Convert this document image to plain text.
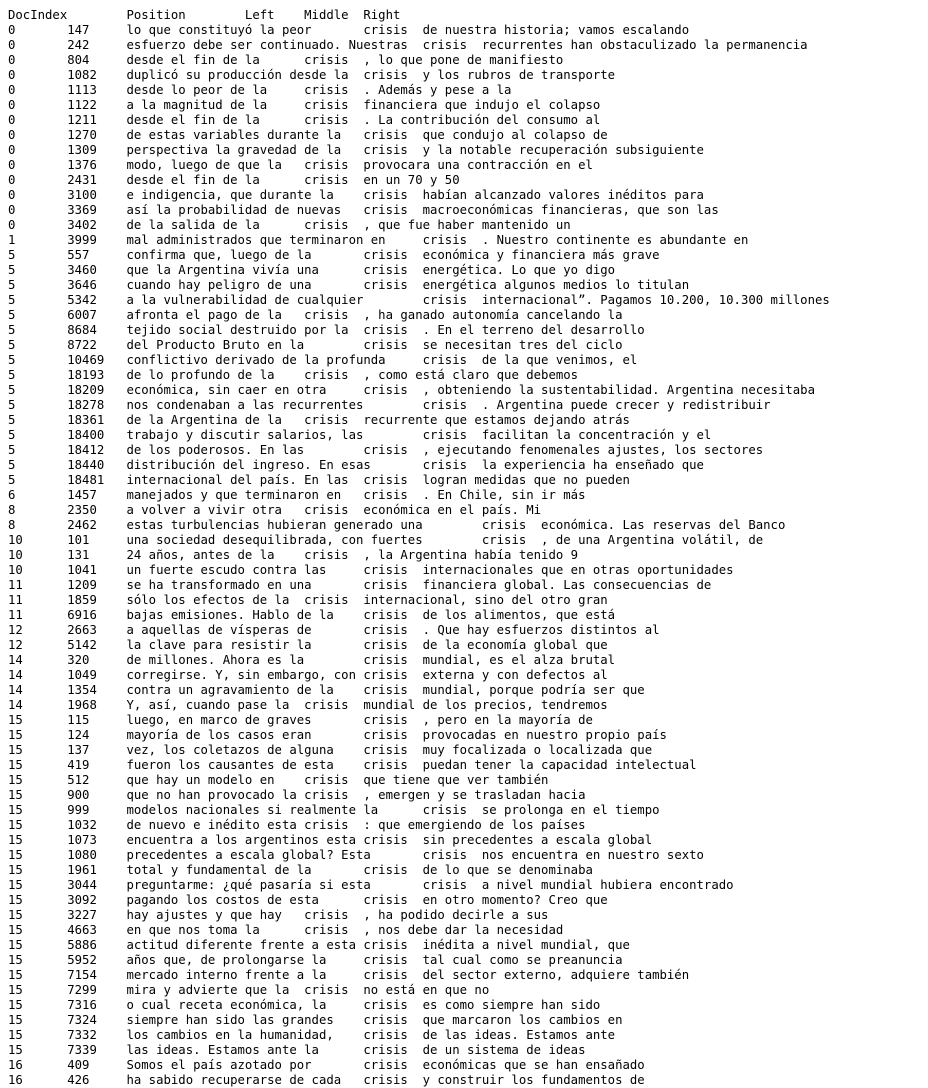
DocIndex	Position	Left	Middle	Right
0	147	lo que constituyó la peor	crisis	de nuestra historia; vamos escalando
0	242	esfuerzo debe ser continuado. Nuestras	crisis	recurrentes han obstaculizado la permanencia
0	804	desde el fin de la	crisis	, lo que pone de manifiesto
0	1082	duplicó su producción desde la	crisis	y los rubros de transporte
0	1113	desde lo peor de la	crisis	. Además y pese a la
0	1122	a la magnitud de la	crisis	financiera que indujo el colapso
0	1211	desde el fin de la	crisis	. La contribución del consumo al
0	1270	de estas variables durante la	crisis	que condujo al colapso de
0	1309	perspectiva la gravedad de la	crisis	y la notable recuperación subsiguiente
0	1376	modo, luego de que la	crisis	provocara una contracción en el
0	2431	desde el fin de la	crisis	en un 70 y 50
0	3100	e indigencia, que durante la	crisis	habían alcanzado valores inéditos para
0	3369	así la probabilidad de nuevas	crisis	macroeconómicas financieras, que son las
0	3402	de la salida de la	crisis	, que fue haber mantenido un
1	3999	mal administrados que terminaron en	crisis	. Nuestro continente es abundante en
5	557	confirma que, luego de la	crisis	económica y financiera más grave
5	3460	que la Argentina vivía una	crisis	energética. Lo que yo digo
5	3646	cuando hay peligro de una	crisis	energética algunos medios lo titulan
5	5342	a la vulnerabilidad de cualquier	crisis	internacional”. Pagamos 10.200, 10.300 millones
5	6007	afronta el pago de la	crisis	, ha ganado autonomía cancelando la
5	8684	tejido social destruido por la	crisis	. En el terreno del desarrollo
5	8722	del Producto Bruto en la	crisis	se necesitan tres del ciclo
5	10469	conflictivo derivado de la profunda	crisis	de la que venimos, el
5	18193	de lo profundo de la	crisis	, como está claro que debemos
5	18209	económica, sin caer en otra	crisis	, obteniendo la sustentabilidad. Argentina necesitaba
5	18278	nos condenaban a las recurrentes	crisis	. Argentina puede crecer y redistribuir
5	18361	de la Argentina de la	crisis	recurrente que estamos dejando atrás
5	18400	trabajo y discutir salarios, las	crisis	facilitan la concentración y el
5	18412	de los poderosos. En las	crisis	, ejecutando fenomenales ajustes, los sectores
5	18440	distribución del ingreso. En esas	crisis	la experiencia ha enseñado que
5	18481	internacional del país. En las	crisis	logran medidas que no pueden
6	1457	manejados y que terminaron en	crisis	. En Chile, sin ir más
8	2350	a volver a vivir otra	crisis	económica en el país. Mi
8	2462	estas turbulencias hubieran generado una	crisis	económica. Las reservas del Banco
10	101	una sociedad desequilibrada, con fuertes	crisis	, de una Argentina volátil, de
10	131	24 años, antes de la	crisis	, la Argentina había tenido 9
10	1041	un fuerte escudo contra las	crisis	internacionales que en otras oportunidades
11	1209	se ha transformado en una	crisis	financiera global. Las consecuencias de
11	1859	sólo los efectos de la	crisis	internacional, sino del otro gran
11	6916	bajas emisiones. Hablo de la	crisis	de los alimentos, que está
12	2663	a aquellas de vísperas de	crisis	. Que hay esfuerzos distintos al
12	5142	la clave para resistir la	crisis	de la economía global que
14	320	de millones. Ahora es la	crisis	mundial, es el alza brutal
14	1049	corregirse. Y, sin embargo, con	crisis	externa y con defectos al
14	1354	contra un agravamiento de la	crisis	mundial, porque podría ser que
14	1968	Y, así, cuando pase la	crisis	mundial de los precios, tendremos
15	115	luego, en marco de graves	crisis	, pero en la mayoría de
15	124	mayoría de los casos eran	crisis	provocadas en nuestro propio país
15	137	vez, los coletazos de alguna	crisis	muy focalizada o localizada que
15	419	fueron los causantes de esta	crisis	puedan tener la capacidad intelectual
15	512	que hay un modelo en	crisis	que tiene que ver también
15	900	que no han provocado la	crisis	, emergen y se trasladan hacia
15	999	modelos nacionales si realmente la	crisis	se prolonga en el tiempo
15	1032	de nuevo e inédito esta	crisis	: que emergiendo de los países
15	1073	encuentra a los argentinos esta	crisis	sin precedentes a escala global
15	1080	precedentes a escala global? Esta	crisis	nos encuentra en nuestro sexto
15	1961	total y fundamental de la	crisis	de lo que se denominaba
15	3044	preguntarme: ¿qué pasaría si esta	crisis	a nivel mundial hubiera encontrado
15	3092	pagando los costos de esta	crisis	en otro momento? Creo que
15	3227	hay ajustes y que hay	crisis	, ha podido decirle a sus
15	4663	en que nos toma la	crisis	, nos debe dar la necesidad
15	5886	actitud diferente frente a esta	crisis	inédita a nivel mundial, que
15	5952	años que, de prolongarse la	crisis	tal cual como se preanuncia
15	7154	mercado interno frente a la	crisis	del sector externo, adquiere también
15	7299	mira y advierte que la	crisis	no está en que no
15	7316	o cual receta económica, la	crisis	es como siempre han sido
15	7324	siempre han sido las grandes	crisis	que marcaron los cambios en
15	7332	los cambios en la humanidad,	crisis	de las ideas. Estamos ante
15	7339	las ideas. Estamos ante la	crisis	de un sistema de ideas
16	409	Somos el país azotado por	crisis	económicas que se han ensañado
16	426	ha sabido recuperarse de cada	crisis	y construir los fundamentos de
